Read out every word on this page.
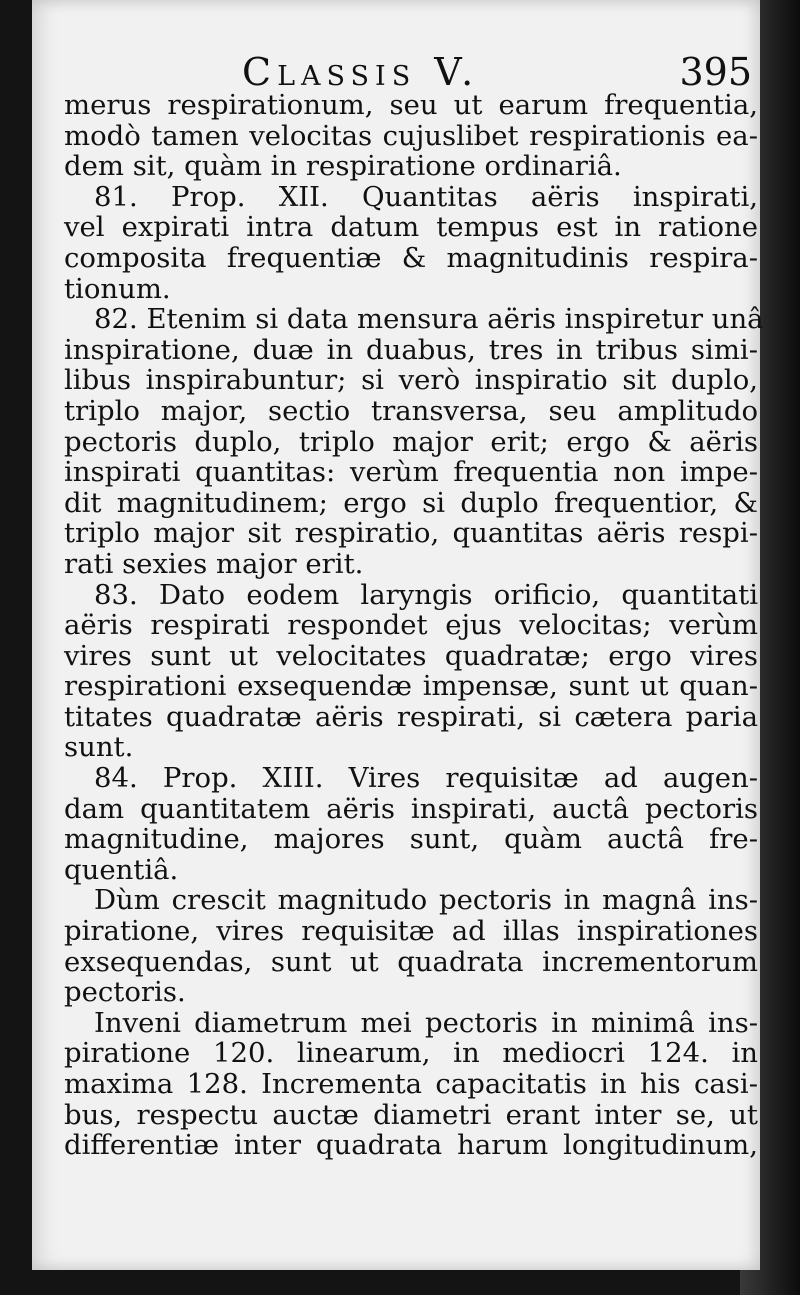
Classis V.	395
merus respirationum, seu ut earum frequentia,
modò tamen velocitas cujuslibet respirationis ea-
dem sit, quàm in respiratione ordinariâ.
81. Prop. XII. Quantitas aëris inspirati,
vel expirati intra datum tempus est in ratione
composita frequentiæ & magnitudinis respira-
tionum.
82. Etenim si data mensura aëris inspiretur unâ
inspiratione, duæ in duabus, tres in tribus simi-
libus inspirabuntur; si verò inspiratio sit duplo,
triplo major, sectio transversa, seu amplitudo
pectoris duplo, triplo major erit; ergo & aëris
inspirati quantitas: verùm frequentia non impe-
dit magnitudinem; ergo si duplo frequentior, &
triplo major sit respiratio, quantitas aëris respi-
rati sexies major erit.
83. Dato eodem laryngis orificio, quantitati
aëris respirati respondet ejus velocitas; verùm
vires sunt ut velocitates quadratæ; ergo vires
respirationi exsequendæ impensæ, sunt ut quan-
titates quadratæ aëris respirati, si cætera paria
sunt.
84. Prop. XIII. Vires requisitæ ad augen-
dam quantitatem aëris inspirati, auctâ pectoris
magnitudine, majores sunt, quàm auctâ fre-
quentiâ.
Dùm crescit magnitudo pectoris in magnâ ins-
piratione, vires requisitæ ad illas inspirationes
exsequendas, sunt ut quadrata incrementorum
pectoris.
Inveni diametrum mei pectoris in minimâ ins-
piratione 120. linearum, in mediocri 124. in
maxima 128. Incrementa capacitatis in his casi-
bus, respectu auctæ diametri erant inter se, ut
differentiæ inter quadrata harum longitudinum,
